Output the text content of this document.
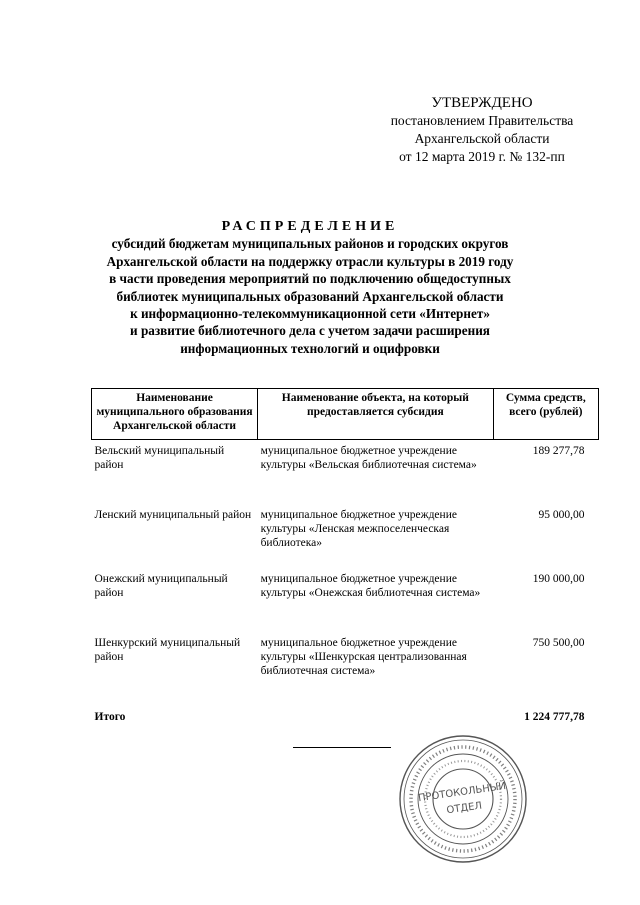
УТВЕРЖДЕНО
постановлением Правительства
Архангельской области
от 12 марта 2019 г. № 132-пп
РАСПРЕДЕЛЕНИЕ
субсидий бюджетам муниципальных районов и городских округов
Архангельской области на поддержку отрасли культуры в 2019 году
в части проведения мероприятий по подключению общедоступных
библиотек муниципальных образований Архангельской области
к информационно-телекоммуникационной сети «Интернет»
и развитие библиотечного дела с учетом задачи расширения
информационных технологий и оцифровки
Наименование муниципального образования Архангельской области	Наименование объекта, на который предоставляется субсидия	Сумма средств, всего (рублей)
Вельский муниципальный район	муниципальное бюджетное учреждение культуры «Вельская библиотечная система»	189 277,78
Ленский муниципальный район	муниципальное бюджетное учреждение культуры «Ленская межпоселенческая библиотека»	95 000,00
Онежский муниципальный район	муниципальное бюджетное учреждение культуры «Онежская библиотечная система»	190 000,00
Шенкурский муниципальный район	муниципальное бюджетное учреждение культуры «Шенкурская централизованная библиотечная система»	750 500,00
Итого		1 224 777,78
ПРОТОКОЛЬНЫЙ
ОТДЕЛ
